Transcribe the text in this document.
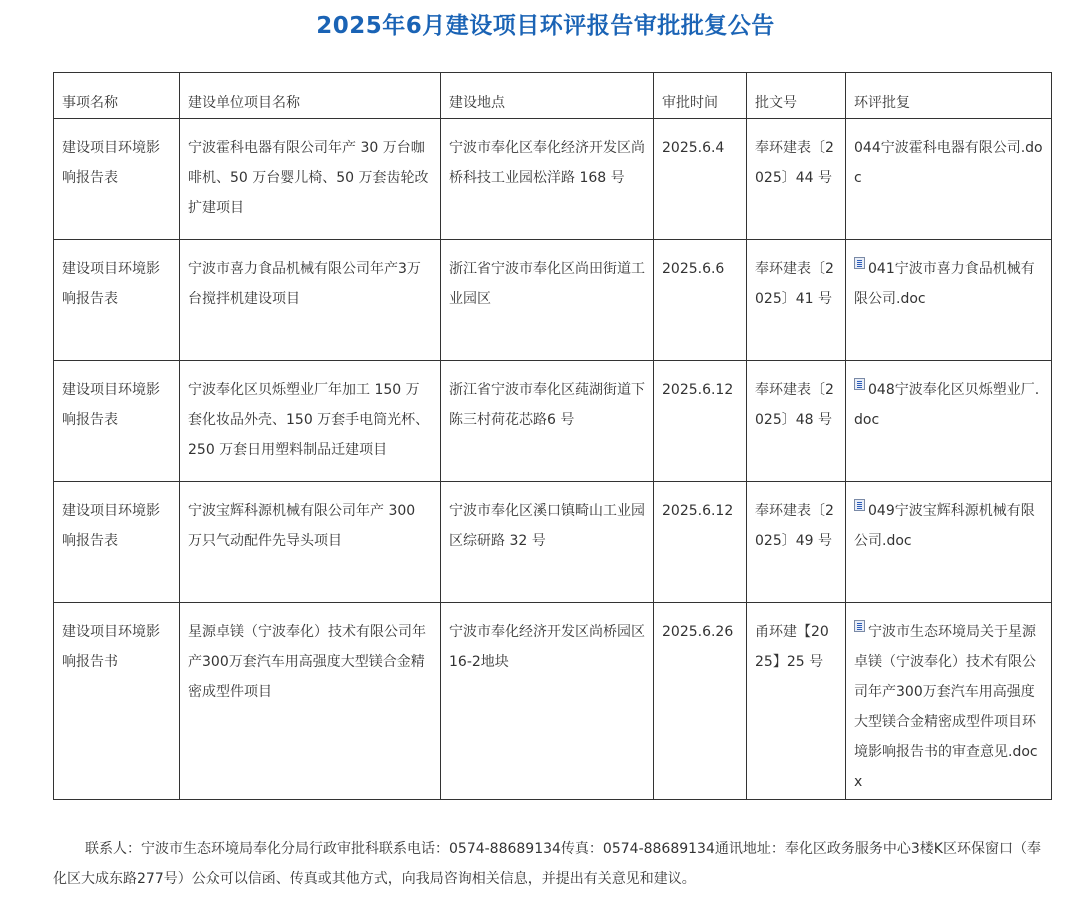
2025年6月建设项目环评报告审批批复公告
事项名称	建设单位项目名称	建设地点	审批时间	批文号	环评批复
建设项目环境影响报告表	宁波霍科电器有限公司年产 30 万台咖啡机、50 万台婴儿椅、50 万套齿轮改扩建项目	宁波市奉化区奉化经济开发区尚桥科技工业园松洋路 168 号	2025.6.4	奉环建表〔2025〕44 号	044宁波霍科电器有限公司.doc
建设项目环境影响报告表	宁波市喜力食品机械有限公司年产3万台搅拌机建设项目	浙江省宁波市奉化区尚田街道工业园区	2025.6.6	奉环建表〔2025〕41 号	041宁波市喜力食品机械有限公司.doc
建设项目环境影响报告表	宁波奉化区贝烁塑业厂年加工 150 万套化妆品外壳、150 万套手电筒光杯、250 万套日用塑料制品迁建项目	浙江省宁波市奉化区莼湖街道下陈三村荷花芯路6 号	2025.6.12	奉环建表〔2025〕48 号	048宁波奉化区贝烁塑业厂.doc
建设项目环境影响报告表	宁波宝辉科源机械有限公司年产 300 万只气动配件先导头项目	宁波市奉化区溪口镇畸山工业园区综研路 32 号	2025.6.12	奉环建表〔2025〕49 号	049宁波宝辉科源机械有限公司.doc
建设项目环境影响报告书	星源卓镁（宁波奉化）技术有限公司年产300万套汽车用高强度大型镁合金精密成型件项目	宁波市奉化经济开发区尚桥园区16-2地块	2025.6.26	甬环建【2025】25 号	宁波市生态环境局关于星源卓镁（宁波奉化）技术有限公司年产300万套汽车用高强度大型镁合金精密成型件项目环境影响报告书的审查意见.docx

联系人：宁波市生态环境局奉化分局行政审批科联系电话：0574-88689134传真：0574-88689134通讯地址：奉化区政务服务中心3楼K区环保窗口（奉化区大成东路277号）公众可以信函、传真或其他方式，向我局咨询相关信息，并提出有关意见和建议。
